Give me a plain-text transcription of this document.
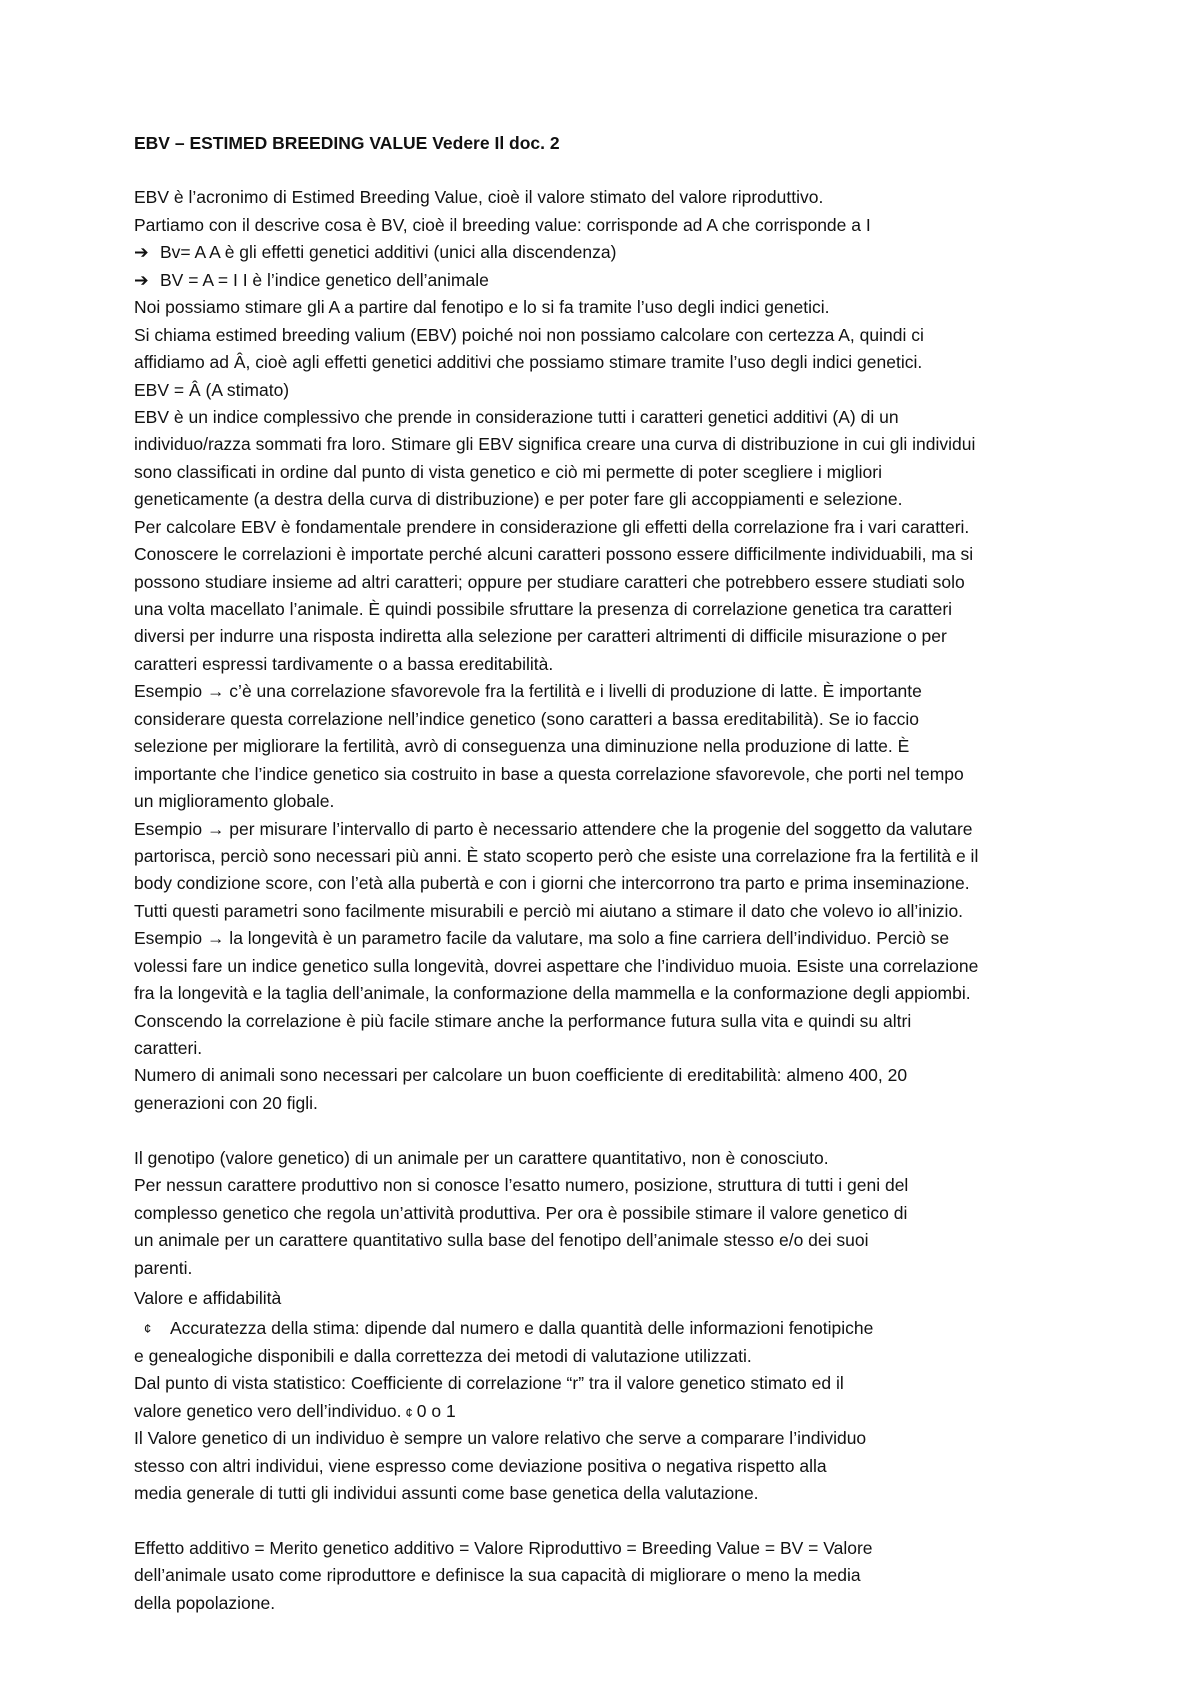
EBV – ESTIMED BREEDING VALUE Vedere Il doc. 2
EBV è l’acronimo di Estimed Breeding Value, cioè il valore stimato del valore riproduttivo.
Partiamo con il descrive cosa è BV, cioè il breeding value: corrisponde ad A che corrisponde a I
➔ Bv= A A è gli effetti genetici additivi (unici alla discendenza)
➔ BV = A = I I è l’indice genetico dell’animale
Noi possiamo stimare gli A a partire dal fenotipo e lo si fa tramite l’uso degli indici genetici.
Si chiama estimed breeding valium (EBV) poiché noi non possiamo calcolare con certezza A, quindi ci
affidiamo ad Â, cioè agli effetti genetici additivi che possiamo stimare tramite l’uso degli indici genetici.
EBV = Â (A stimato)
EBV è un indice complessivo che prende in considerazione tutti i caratteri genetici additivi (A) di un
individuo/razza sommati fra loro. Stimare gli EBV significa creare una curva di distribuzione in cui gli individui
sono classificati in ordine dal punto di vista genetico e ciò mi permette di poter scegliere i migliori
geneticamente (a destra della curva di distribuzione) e per poter fare gli accoppiamenti e selezione.
Per calcolare EBV è fondamentale prendere in considerazione gli effetti della correlazione fra i vari caratteri.
Conoscere le correlazioni è importate perché alcuni caratteri possono essere difficilmente individuabili, ma si
possono studiare insieme ad altri caratteri; oppure per studiare caratteri che potrebbero essere studiati solo
una volta macellato l’animale. È quindi possibile sfruttare la presenza di correlazione genetica tra caratteri
diversi per indurre una risposta indiretta alla selezione per caratteri altrimenti di difficile misurazione o per
caratteri espressi tardivamente o a bassa ereditabilità.
Esempio → c’è una correlazione sfavorevole fra la fertilità e i livelli di produzione di latte. È importante
considerare questa correlazione nell’indice genetico (sono caratteri a bassa ereditabilità). Se io faccio
selezione per migliorare la fertilità, avrò di conseguenza una diminuzione nella produzione di latte. È
importante che l’indice genetico sia costruito in base a questa correlazione sfavorevole, che porti nel tempo
un miglioramento globale.
Esempio → per misurare l’intervallo di parto è necessario attendere che la progenie del soggetto da valutare
partorisca, perciò sono necessari più anni. È stato scoperto però che esiste una correlazione fra la fertilità e il
body condizione score, con l’età alla pubertà e con i giorni che intercorrono tra parto e prima inseminazione.
Tutti questi parametri sono facilmente misurabili e perciò mi aiutano a stimare il dato che volevo io all’inizio.
Esempio → la longevità è un parametro facile da valutare, ma solo a fine carriera dell’individuo. Perciò se
volessi fare un indice genetico sulla longevità, dovrei aspettare che l’individuo muoia. Esiste una correlazione
fra la longevità e la taglia dell’animale, la conformazione della mammella e la conformazione degli appiombi.
Conscendo la correlazione è più facile stimare anche la performance futura sulla vita e quindi su altri
caratteri.
Numero di animali sono necessari per calcolare un buon coefficiente di ereditabilità: almeno 400, 20
generazioni con 20 figli.
Il genotipo (valore genetico) di un animale per un carattere quantitativo, non è conosciuto.
Per nessun carattere produttivo non si conosce l’esatto numero, posizione, struttura di tutti i geni del
complesso genetico che regola un’attività produttiva. Per ora è possibile stimare il valore genetico di
un animale per un carattere quantitativo sulla base del fenotipo dell’animale stesso e/o dei suoi
parenti.
Valore e affidabilità
¢ Accuratezza della stima: dipende dal numero e dalla quantità delle informazioni fenotipiche
e genealogiche disponibili e dalla correttezza dei metodi di valutazione utilizzati.
Dal punto di vista statistico: Coefficiente di correlazione “r” tra il valore genetico stimato ed il
valore genetico vero dell’individuo. ¢ 0 o 1
Il Valore genetico di un individuo è sempre un valore relativo che serve a comparare l’individuo
stesso con altri individui, viene espresso come deviazione positiva o negativa rispetto alla
media generale di tutti gli individui assunti come base genetica della valutazione.
Effetto additivo = Merito genetico additivo = Valore Riproduttivo = Breeding Value = BV = Valore
dell’animale usato come riproduttore e definisce la sua capacità di migliorare o meno la media
della popolazione.
